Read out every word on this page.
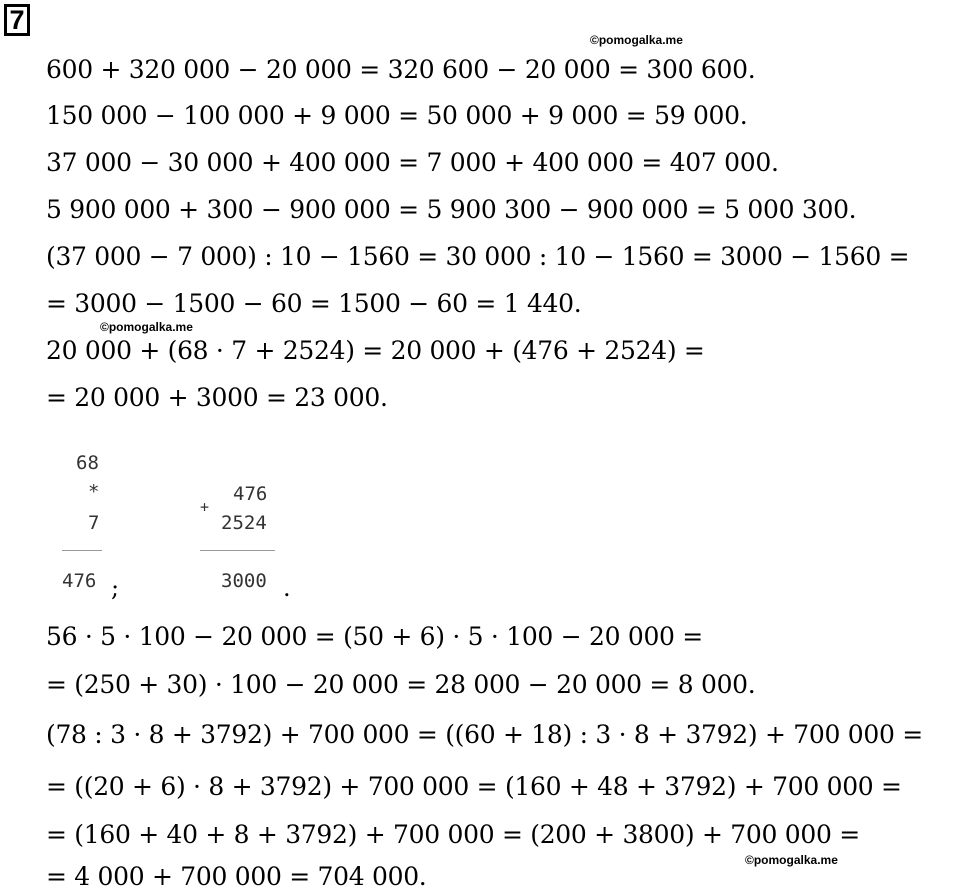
7
©pomogalka.me
©pomogalka.me
©pomogalka.me
600 + 320 000 − 20 000 = 320 600 − 20 000 = 300 600.
150 000 − 100 000 + 9 000 = 50 000 + 9 000 = 59 000.
37 000 − 30 000 + 400 000 = 7 000 + 400 000 = 407 000.
5 900 000 + 300 − 900 000 = 5 900 300 − 900 000 = 5 000 300.
(37 000 − 7 000) : 10 − 1560 = 30 000 : 10 − 1560 = 3000 − 1560 =
= 3000 − 1500 − 60 = 1500 − 60 = 1 440.
20 000 + (68 · 7 + 2524) = 20 000 + (476 + 2524) =
= 20 000 + 3000 = 23 000.
68
*
7
476 ;
+
476
2524
3000 .
56 · 5 · 100 − 20 000 = (50 + 6) · 5 · 100 − 20 000 =
= (250 + 30) · 100 − 20 000 = 28 000 − 20 000 = 8 000.
(78 : 3 · 8 + 3792) + 700 000 = ((60 + 18) : 3 · 8 + 3792) + 700 000 =
= ((20 + 6) · 8 + 3792) + 700 000 = (160 + 48 + 3792) + 700 000 =
= (160 + 40 + 8 + 3792) + 700 000 = (200 + 3800) + 700 000 =
= 4 000 + 700 000 = 704 000.
